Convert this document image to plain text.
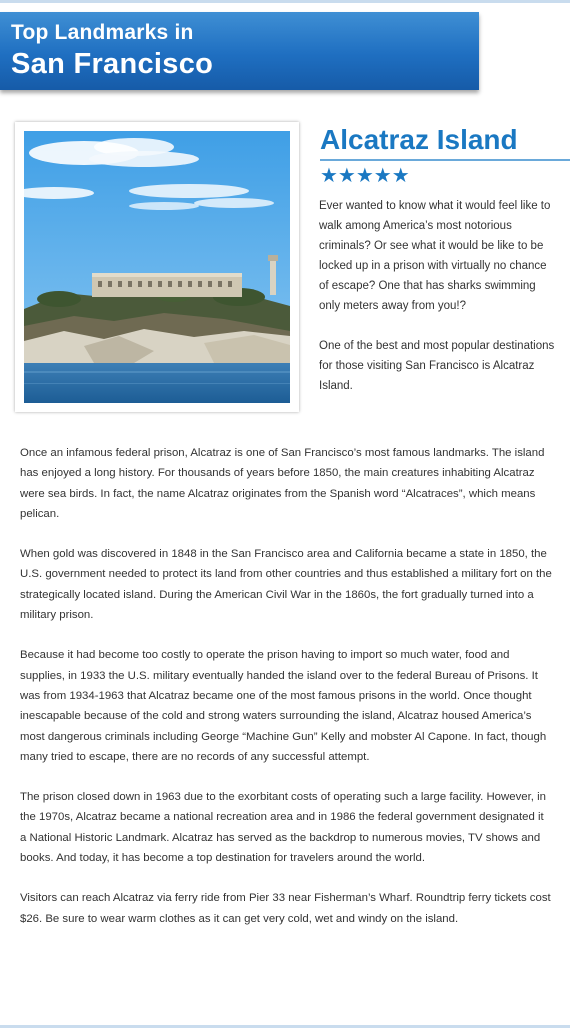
Top Landmarks in
San Francisco
Alcatraz Island
★★★★★

Ever wanted to know what it would feel like to walk among America’s most notorious criminals? Or see what it would be like to be locked up in a prison with virtually no chance of escape? One that has sharks swimming only meters away from you!?

One of the best and most popular destinations for those visiting San Francisco is Alcatraz Island.

Once an infamous federal prison, Alcatraz is one of San Francisco’s most famous landmarks. The island has enjoyed a long history. For thousands of years before 1850, the main creatures inhabiting Alcatraz were sea birds. In fact, the name Alcatraz originates from the Spanish word “Alcatraces”, which means pelican.

When gold was discovered in 1848 in the San Francisco area and California became a state in 1850, the U.S. government needed to protect its land from other countries and thus established a military fort on the strategically located island. During the American Civil War in the 1860s, the fort gradually turned into a military prison.

Because it had become too costly to operate the prison having to import so much water, food and supplies, in 1933 the U.S. military eventually handed the island over to the federal Bureau of Prisons. It was from 1934-1963 that Alcatraz became one of the most famous prisons in the world. Once thought inescapable because of the cold and strong waters surrounding the island, Alcatraz housed America’s most dangerous criminals including George “Machine Gun” Kelly and mobster Al Capone. In fact, though many tried to escape, there are no records of any successful attempt.

The prison closed down in 1963 due to the exorbitant costs of operating such a large facility. However, in the 1970s, Alcatraz became a national recreation area and in 1986 the federal government designated it a National Historic Landmark. Alcatraz has served as the backdrop to numerous movies, TV shows and books. And today, it has become a top destination for travelers around the world.

Visitors can reach Alcatraz via ferry ride from Pier 33 near Fisherman’s Wharf. Roundtrip ferry tickets cost $26. Be sure to wear warm clothes as it can get very cold, wet and windy on the island.
